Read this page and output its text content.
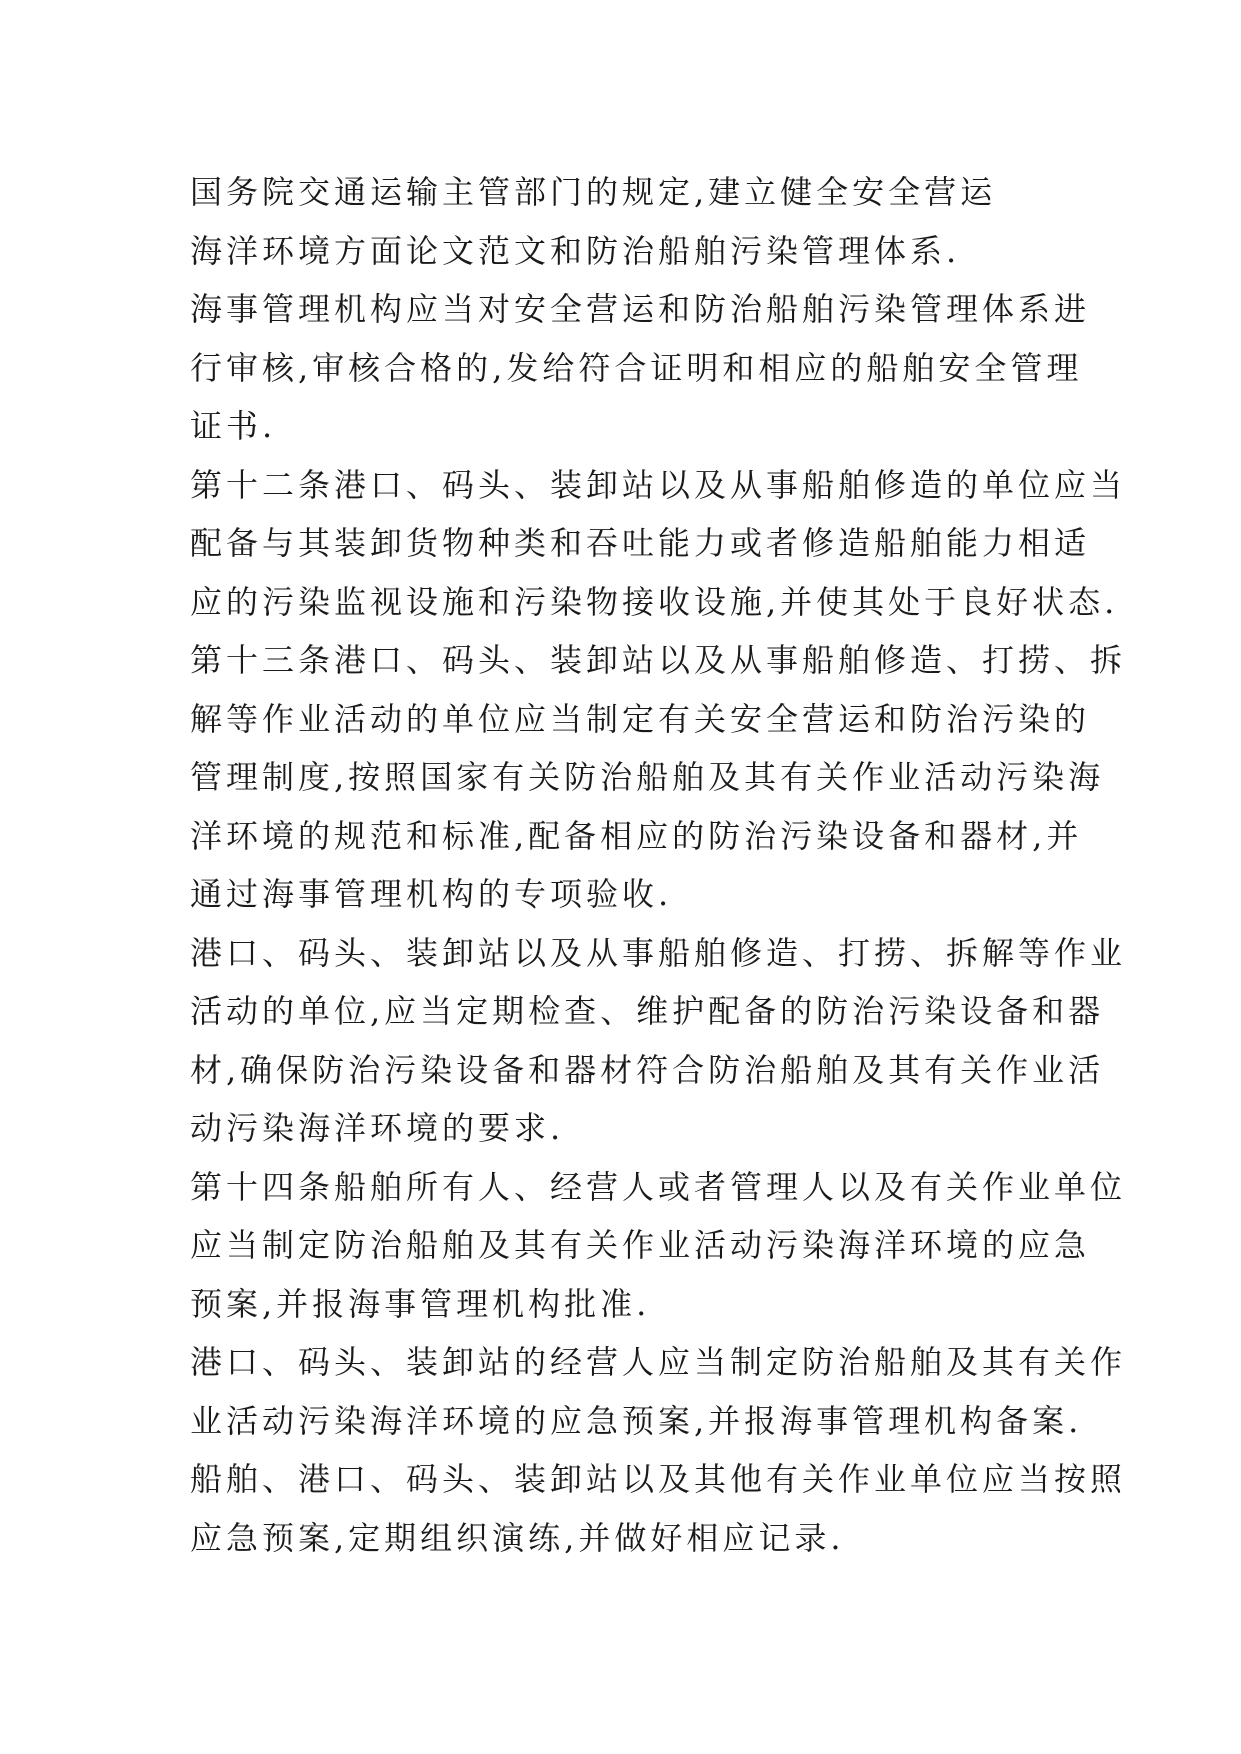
国务院交通运输主管部门的规定,建立健全安全营运

海洋环境方面论文范文和防治船舶污染管理体系.

海事管理机构应当对安全营运和防治船舶污染管理体系进

行审核,审核合格的,发给符合证明和相应的船舶安全管理

证书.

第十二条港口、码头、装卸站以及从事船舶修造的单位应当

配备与其装卸货物种类和吞吐能力或者修造船舶能力相适

应的污染监视设施和污染物接收设施,并使其处于良好状态.

第十三条港口、码头、装卸站以及从事船舶修造、打捞、拆

解等作业活动的单位应当制定有关安全营运和防治污染的

管理制度,按照国家有关防治船舶及其有关作业活动污染海

洋环境的规范和标准,配备相应的防治污染设备和器材,并

通过海事管理机构的专项验收.

港口、码头、装卸站以及从事船舶修造、打捞、拆解等作业

活动的单位,应当定期检查、维护配备的防治污染设备和器

材,确保防治污染设备和器材符合防治船舶及其有关作业活

动污染海洋环境的要求.

第十四条船舶所有人、经营人或者管理人以及有关作业单位

应当制定防治船舶及其有关作业活动污染海洋环境的应急

预案,并报海事管理机构批准.

港口、码头、装卸站的经营人应当制定防治船舶及其有关作

业活动污染海洋环境的应急预案,并报海事管理机构备案.

船舶、港口、码头、装卸站以及其他有关作业单位应当按照

应急预案,定期组织演练,并做好相应记录.
